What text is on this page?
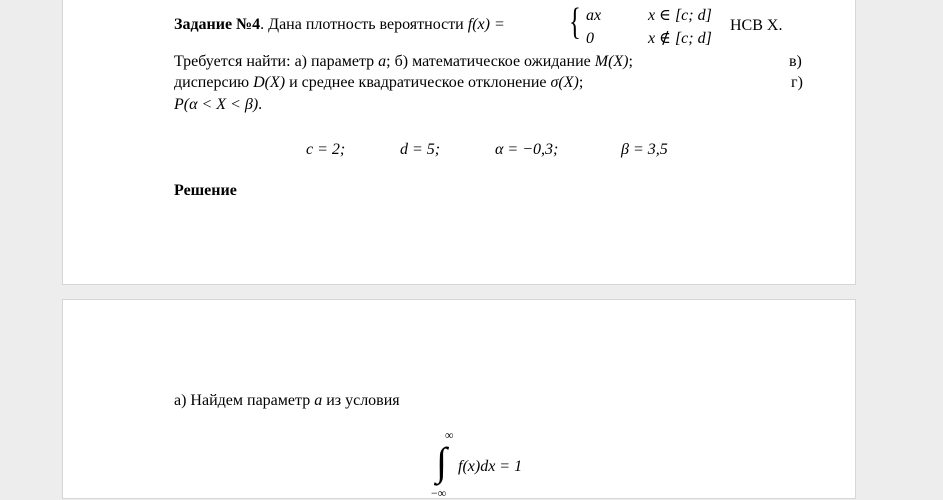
Задание №4. Дана плотность вероятности f(x) = { ax	x ∈ [c; d]
0	x ∉ [c; d]
НСВ Х.
Требуется найти: а) параметр a; б) математическое ожидание M(X);	в)
дисперсию D(X) и среднее квадратическое отклонение σ(X);	г)
P(α < X < β).
c = 2;	d = 5;	α = −0,3;	β = 3,5
Решение
а) Найдем параметр a из условия
∞
∫
−∞
f(x)dx = 1
